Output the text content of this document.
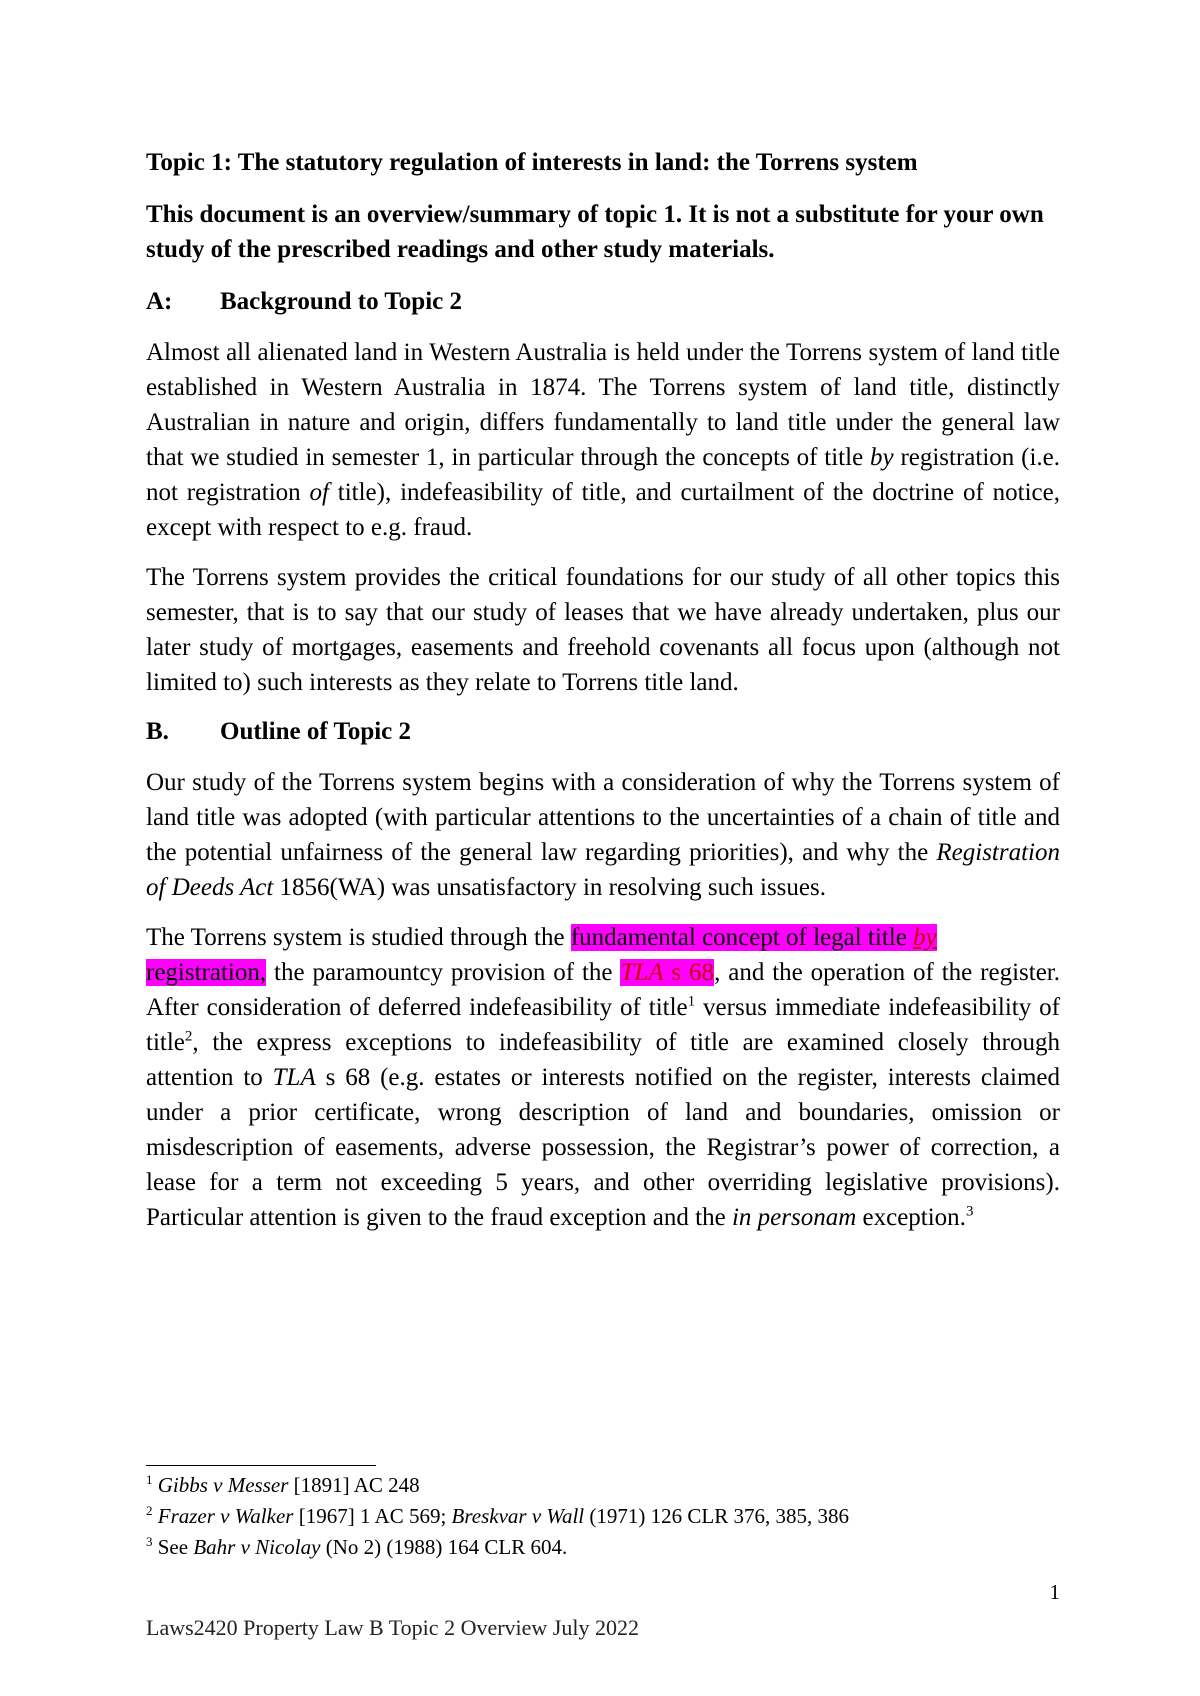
Topic 1: The statutory regulation of interests in land: the Torrens system

This document is an overview/summary of topic 1. It is not a substitute for your own study of the prescribed readings and other study materials.

A: Background to Topic 2

Almost all alienated land in Western Australia is held under the Torrens system of land title established in Western Australia in 1874. The Torrens system of land title, distinctly Australian in nature and origin, differs fundamentally to land title under the general law that we studied in semester 1, in particular through the concepts of title by registration (i.e. not registration of title), indefeasibility of title, and curtailment of the doctrine of notice, except with respect to e.g. fraud.

The Torrens system provides the critical foundations for our study of all other topics this semester, that is to say that our study of leases that we have already undertaken, plus our later study of mortgages, easements and freehold covenants all focus upon (although not limited to) such interests as they relate to Torrens title land.

B. Outline of Topic 2

Our study of the Torrens system begins with a consideration of why the Torrens system of land title was adopted (with particular attentions to the uncertainties of a chain of title and the potential unfairness of the general law regarding priorities), and why the Registration of Deeds Act 1856(WA) was unsatisfactory in resolving such issues.

The Torrens system is studied through the fundamental concept of legal title by
registration, the paramountcy provision of the TLA s 68, and the operation of the register. After consideration of deferred indefeasibility of title$^1$ versus immediate indefeasibility of title$^2$, the express exceptions to indefeasibility of title are examined closely through attention to TLA s 68 (e.g. estates or interests notified on the register, interests claimed under a prior certificate, wrong description of land and boundaries, omission or misdescription of easements, adverse possession, the Registrar’s power of correction, a lease for a term not exceeding 5 years, and other overriding legislative provisions). Particular attention is given to the fraud exception and the in personam exception.$^3$

$^1$ Gibbs v Messer [1891] AC 248
$^2$ Frazer v Walker [1967] 1 AC 569; Breskvar v Wall (1971) 126 CLR 376, 385, 386
$^3$ See Bahr v Nicolay (No 2) (1988) 164 CLR 604.
1
Laws2420 Property Law B Topic 2 Overview July 2022
